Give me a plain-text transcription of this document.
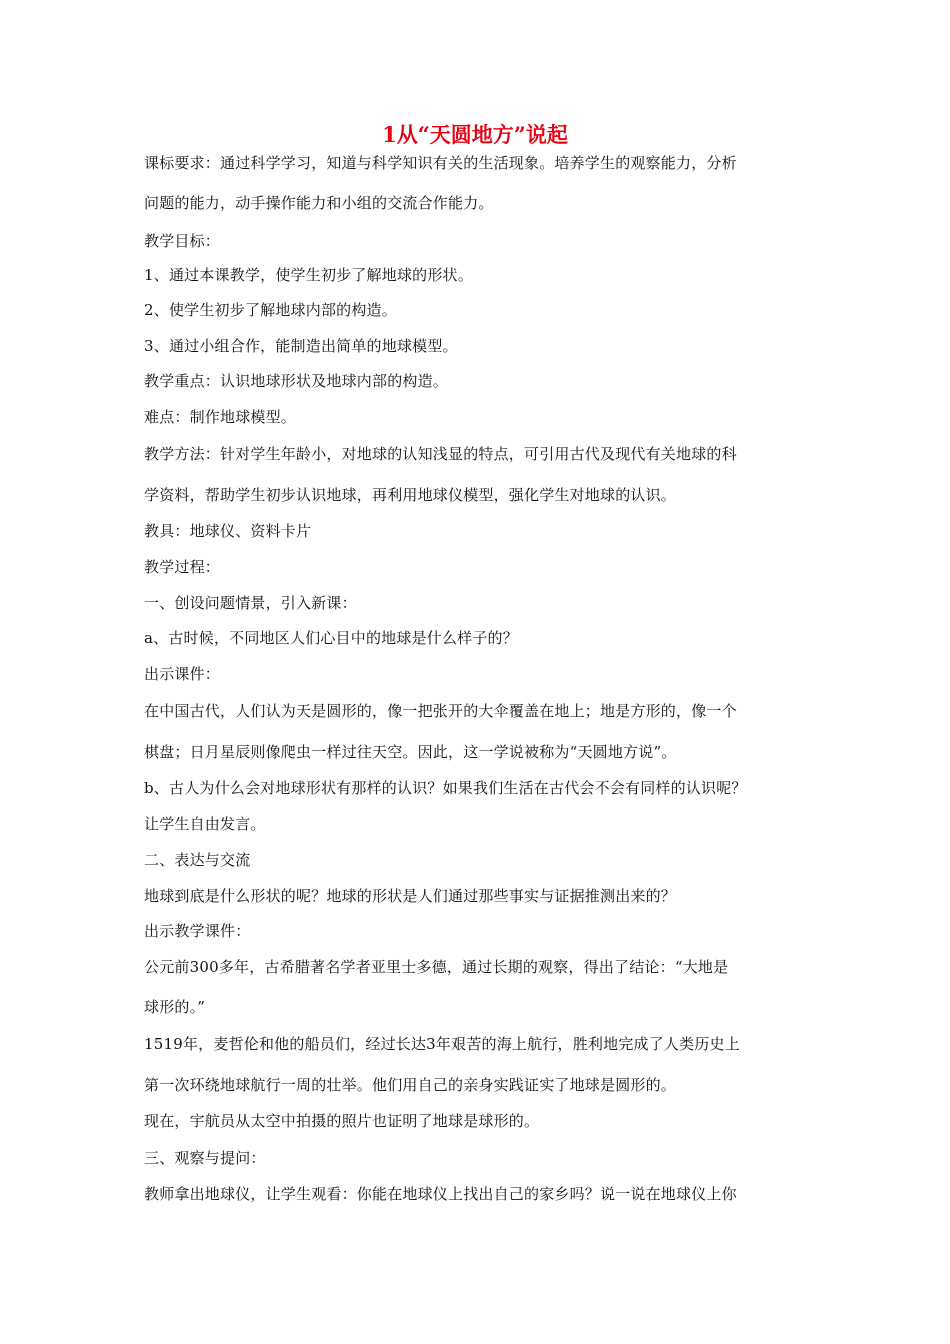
1从“天圆地方”说起
课标要求：通过科学学习，知道与科学知识有关的生活现象。培养学生的观察能力，分析
问题的能力，动手操作能力和小组的交流合作能力。
教学目标：
1、通过本课教学，使学生初步了解地球的形状。
2、使学生初步了解地球内部的构造。
3、通过小组合作，能制造出简单的地球模型。
教学重点：认识地球形状及地球内部的构造。
难点：制作地球模型。
教学方法：针对学生年龄小，对地球的认知浅显的特点，可引用古代及现代有关地球的科
学资料，帮助学生初步认识地球，再利用地球仪模型，强化学生对地球的认识。
教具：地球仪、资料卡片
教学过程：
一、创设问题情景，引入新课：
a、古时候，不同地区人们心目中的地球是什么样子的？
出示课件：
在中国古代，人们认为天是圆形的，像一把张开的大伞覆盖在地上；地是方形的，像一个
棋盘；日月星辰则像爬虫一样过往天空。因此，这一学说被称为“天圆地方说”。
b、古人为什么会对地球形状有那样的认识？如果我们生活在古代会不会有同样的认识呢？
让学生自由发言。
二、表达与交流
地球到底是什么形状的呢？地球的形状是人们通过那些事实与证据推测出来的？
出示教学课件：
公元前300多年，古希腊著名学者亚里士多德，通过长期的观察，得出了结论：“大地是
球形的。”
1519年，麦哲伦和他的船员们，经过长达3年艰苦的海上航行，胜利地完成了人类历史上
第一次环绕地球航行一周的壮举。他们用自己的亲身实践证实了地球是圆形的。
现在，宇航员从太空中拍摄的照片也证明了地球是球形的。
三、观察与提问：
教师拿出地球仪，让学生观看：你能在地球仪上找出自己的家乡吗？说一说在地球仪上你
